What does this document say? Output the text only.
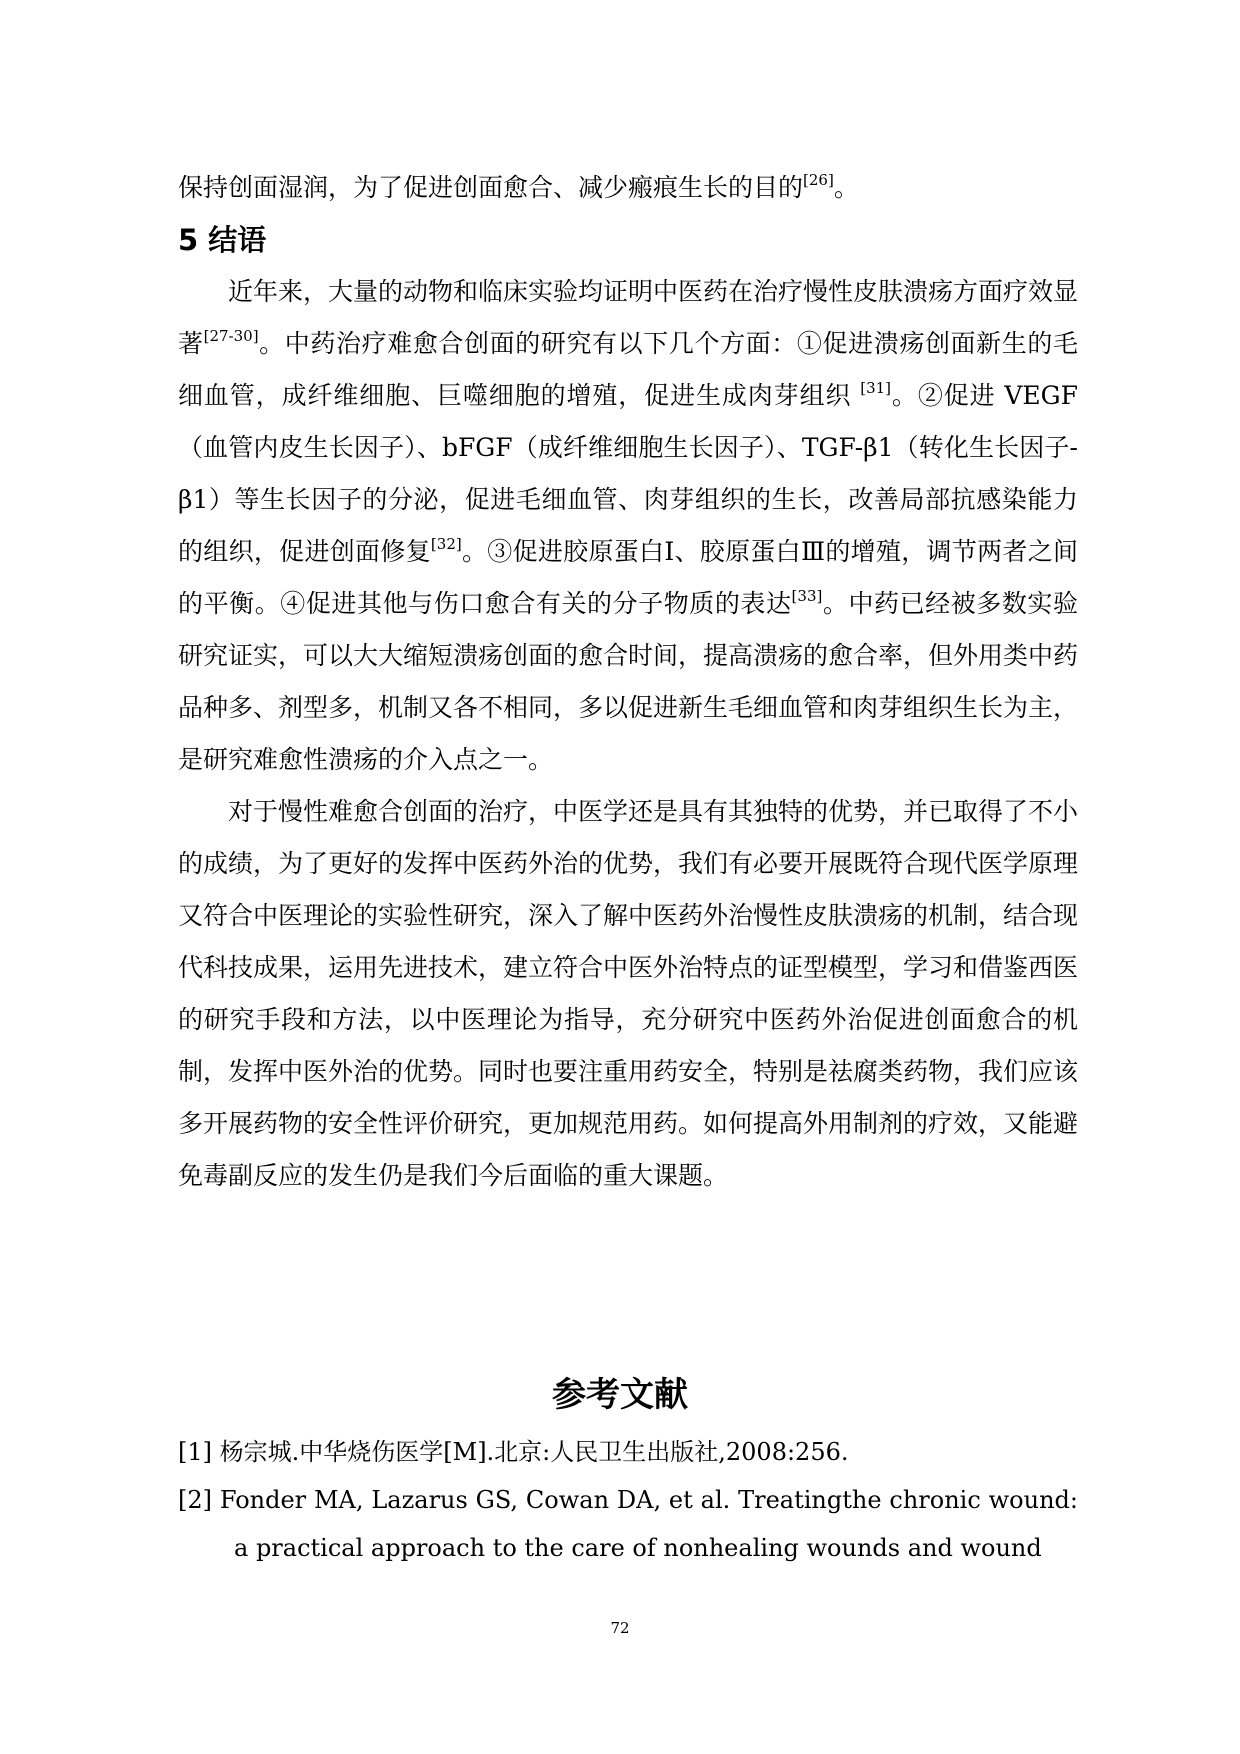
保持创面湿润，为了促进创面愈合、减少瘢痕生长的目的[26]。

5 结语

近年来，大量的动物和临床实验均证明中医药在治疗慢性皮肤溃疡方面疗效显著[27-30]。中药治疗难愈合创面的研究有以下几个方面：①促进溃疡创面新生的毛细血管，成纤维细胞、巨噬细胞的增殖，促进生成肉芽组织 [31]。②促进 VEGF（血管内皮生长因子）、bFGF（成纤维细胞生长因子）、TGF-β1（转化生长因子-β1）等生长因子的分泌，促进毛细血管、肉芽组织的生长，改善局部抗感染能力的组织，促进创面修复[32]。③促进胶原蛋白Ⅰ、胶原蛋白Ⅲ的增殖，调节两者之间的平衡。④促进其他与伤口愈合有关的分子物质的表达[33]。中药已经被多数实验研究证实，可以大大缩短溃疡创面的愈合时间，提高溃疡的愈合率，但外用类中药品种多、剂型多，机制又各不相同，多以促进新生毛细血管和肉芽组织生长为主，是研究难愈性溃疡的介入点之一。

对于慢性难愈合创面的治疗，中医学还是具有其独特的优势，并已取得了不小的成绩，为了更好的发挥中医药外治的优势，我们有必要开展既符合现代医学原理又符合中医理论的实验性研究，深入了解中医药外治慢性皮肤溃疡的机制，结合现代科技成果，运用先进技术，建立符合中医外治特点的证型模型，学习和借鉴西医的研究手段和方法，以中医理论为指导，充分研究中医药外治促进创面愈合的机制，发挥中医外治的优势。同时也要注重用药安全，特别是祛腐类药物，我们应该多开展药物的安全性评价研究，更加规范用药。如何提高外用制剂的疗效，又能避免毒副反应的发生仍是我们今后面临的重大课题。

参考文献
[1] 杨宗城.中华烧伤医学[M].北京:人民卫生出版社,2008:256.
[2] Fonder MA, Lazarus GS, Cowan DA, et al. Treatingthe chronic wound: a practical approach to the care of nonhealing wounds and wound
72
